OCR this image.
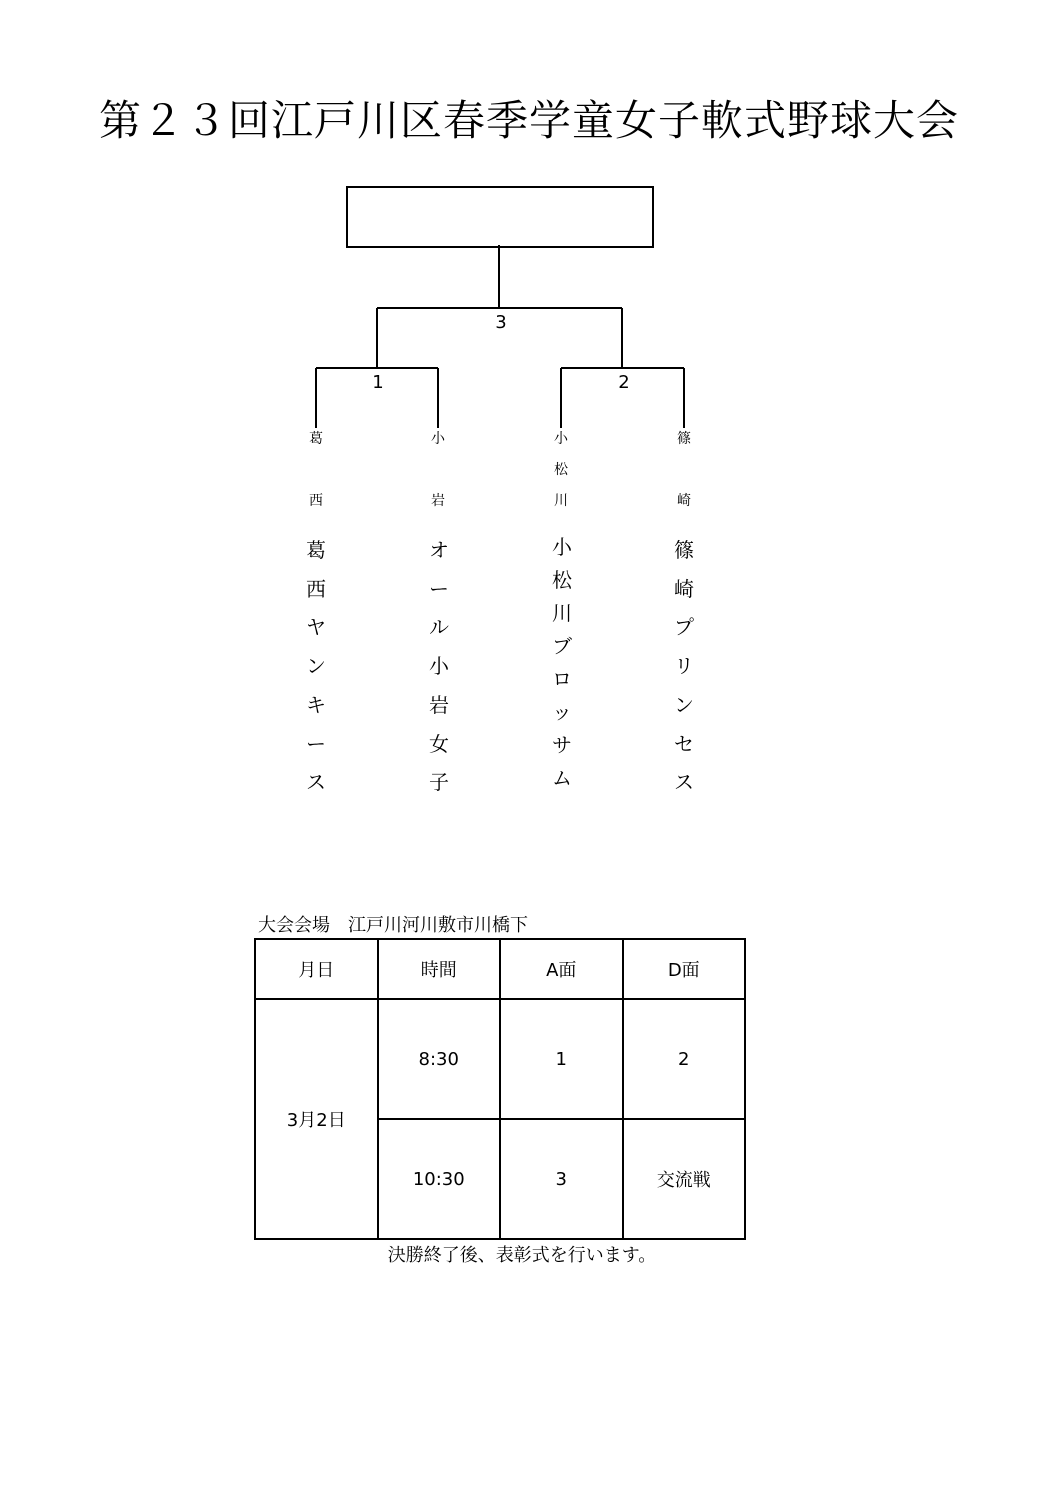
第２３回江戸川区春季学童女子軟式野球大会
3
1	2
葛

西
小

岩
小
松
川
篠

崎
葛
西
ヤ
ン
キ
ー
ス
オ
ー
ル
小
岩
女
子
小
松
川
ブ
ロ
ッ
サ
ム
篠
崎
プ
リ
ン
セ
ス
大会会場　江戸川河川敷市川橋下
月日	時間	A面	D面
3月2日	8:30	1	2
	10:30	3	交流戦
決勝終了後、表彰式を行います。
